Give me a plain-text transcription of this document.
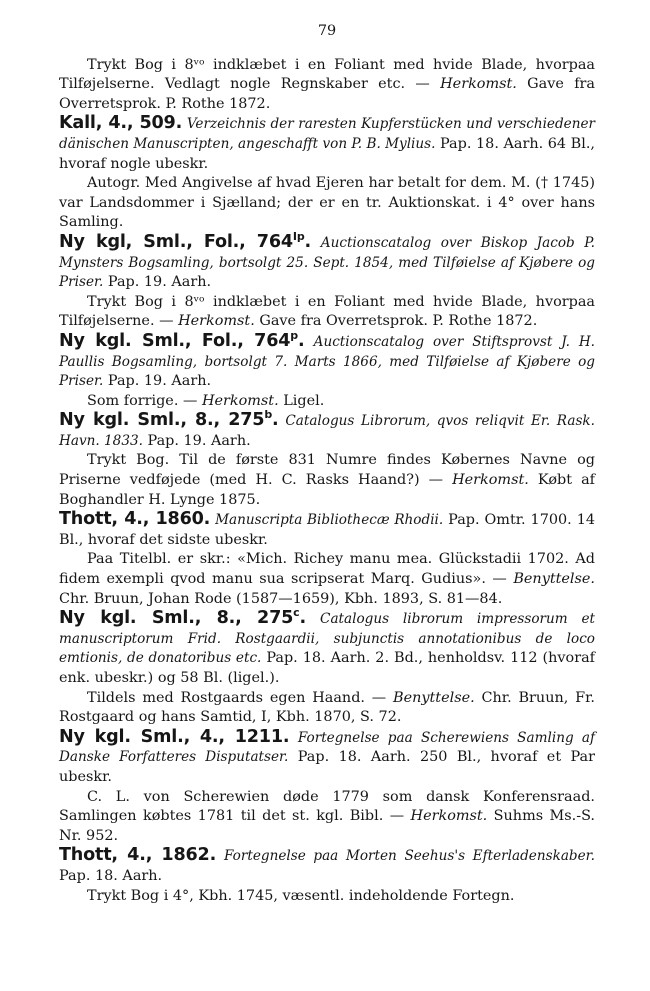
79

Trykt Bog i 8ᵛᵒ indklæbet i en Foliant med hvide Blade, hvorpaa Tilføjelserne. Vedlagt nogle Regnskaber etc. — Herkomst. Gave fra Overretsprok. P. Rothe 1872.

Kall, 4., 509. Verzeichnis der raresten Kupferstücken und verschiedener dänischen Manuscripten, angeschafft von P. B. Mylius. Pap. 18. Aarh. 64 Bl., hvoraf nogle ubeskr.

Autogr. Med Angivelse af hvad Ejeren har betalt for dem. M. († 1745) var Landsdommer i Sjælland; der er en tr. Auktionskat. i 4° over hans Samling.

Ny kgl, Sml., Fol., $764^{Ip}$. Auctionscatalog over Biskop Jacob P. Mynsters Bogsamling, bortsolgt 25. Sept. 1854, med Tilføielse af Kjøbere og Priser. Pap. 19. Aarh.

Trykt Bog i 8ᵛᵒ indklæbet i en Foliant med hvide Blade, hvorpaa Tilføjelserne. — Herkomst. Gave fra Overretsprok. P. Rothe 1872.

Ny kgl. Sml., Fol., 764$^p$. Auctionscatalog over Stiftsprovst J. H. Paullis Bogsamling, bortsolgt 7. Marts 1866, med Tilføielse af Kjøbere og Priser. Pap. 19. Aarh.

Som forrige. — Herkomst. Ligel.

Ny kgl. Sml., 8., 275$^b$. Catalogus Librorum, qvos reliqvit Er. Rask. Havn. 1833. Pap. 19. Aarh.

Trykt Bog. Til de første 831 Numre findes Købernes Navne og Priserne vedføjede (med H. C. Rasks Haand?) — Herkomst. Købt af Boghandler H. Lynge 1875.

Thott, 4., 1860. Manuscripta Bibliothecæ Rhodii. Pap. Omtr. 1700. 14 Bl., hvoraf det sidste ubeskr.

Paa Titelbl. er skr.: «Mich. Richey manu mea. Glückstadii 1702. Ad fidem exempli qvod manu sua scripserat Marq. Gudius». — Benyttelse. Chr. Bruun, Johan Rode (1587—1659), Kbh. 1893, S. 81—84.

Ny kgl. Sml., 8., 275$^c$. Catalogus librorum impressorum et manuscriptorum Frid. Rostgaardii, subjunctis annotationibus de loco emtionis, de donatoribus etc. Pap. 18. Aarh. 2. Bd., henholdsv. 112 (hvoraf enk. ubeskr.) og 58 Bl. (ligel.).

Tildels med Rostgaards egen Haand. — Benyttelse. Chr. Bruun, Fr. Rostgaard og hans Samtid, I, Kbh. 1870, S. 72.

Ny kgl. Sml., 4., 1211. Fortegnelse paa Scherewiens Samling af Danske Forfatteres Disputatser. Pap. 18. Aarh. 250 Bl., hvoraf et Par ubeskr.

C. L. von Scherewien døde 1779 som dansk Konferensraad. Samlingen købtes 1781 til det st. kgl. Bibl. — Herkomst. Suhms Ms.-S. Nr. 952.

Thott, 4., 1862. Fortegnelse paa Morten Seehus's Efterladenskaber. Pap. 18. Aarh.

Trykt Bog i 4°, Kbh. 1745, væsentl. indeholdende Fortegn.
